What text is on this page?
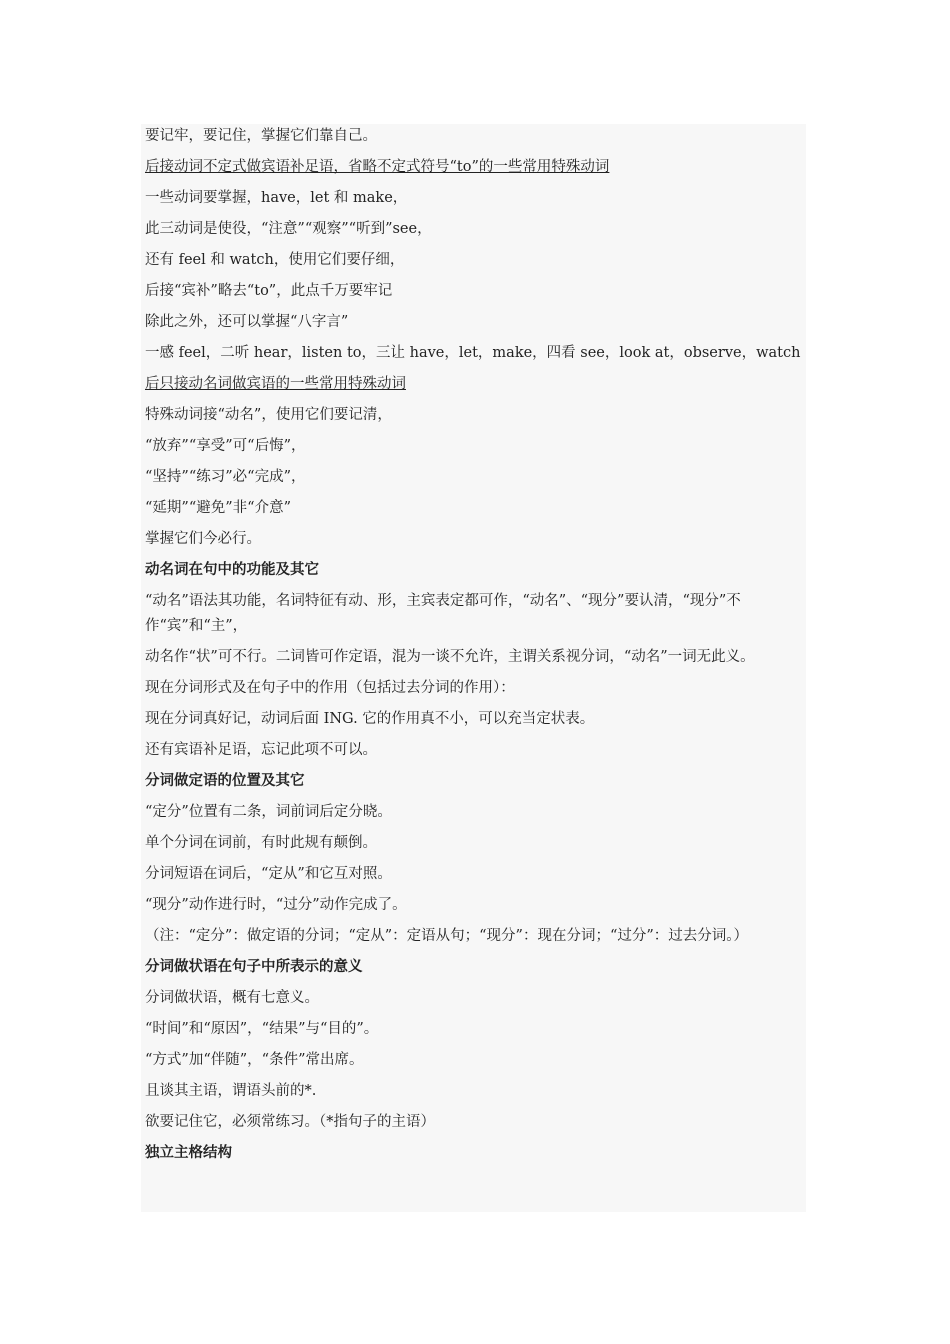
要记牢，要记住，掌握它们靠自己。
后接动词不定式做宾语补足语，省略不定式符号“to”的一些常用特殊动词
一些动词要掌握，have，let 和 make，
此三动词是使役，“注意”“观察”“听到”see，
还有 feel 和 watch，使用它们要仔细，
后接“宾补”略去“to”，此点千万要牢记
除此之外，还可以掌握“八字言”
一感 feel，二听 hear，listen to，三让 have，let，make，四看 see，look at，observe，watch
后只接动名词做宾语的一些常用特殊动词
特殊动词接“动名”，使用它们要记清，
“放弃”“享受”可“后悔”，
“坚持”“练习”必“完成”，
“延期”“避免”非“介意”
掌握它们今必行。
动名词在句中的功能及其它
“动名”语法其功能，名词特征有动、形，主宾表定都可作，“动名”、“现分”要认清，“现分”不作“宾”和“主”，
动名作“状”可不行。二词皆可作定语，混为一谈不允许，主谓关系视分词，“动名”一词无此义。
现在分词形式及在句子中的作用（包括过去分词的作用）：
现在分词真好记，动词后面 ING. 它的作用真不小，可以充当定状表。
还有宾语补足语，忘记此项不可以。
分词做定语的位置及其它
“定分”位置有二条，词前词后定分晓。
单个分词在词前，有时此规有颠倒。
分词短语在词后，“定从”和它互对照。
“现分”动作进行时，“过分”动作完成了。
（注：“定分”：做定语的分词；“定从”：定语从句；“现分”：现在分词；“过分”：过去分词。）
分词做状语在句子中所表示的意义
分词做状语，概有七意义。
“时间”和“原因”，“结果”与“目的”。
“方式”加“伴随”，“条件”常出席。
且谈其主语，谓语头前的*.
欲要记住它，必须常练习。（*指句子的主语）
独立主格结构
